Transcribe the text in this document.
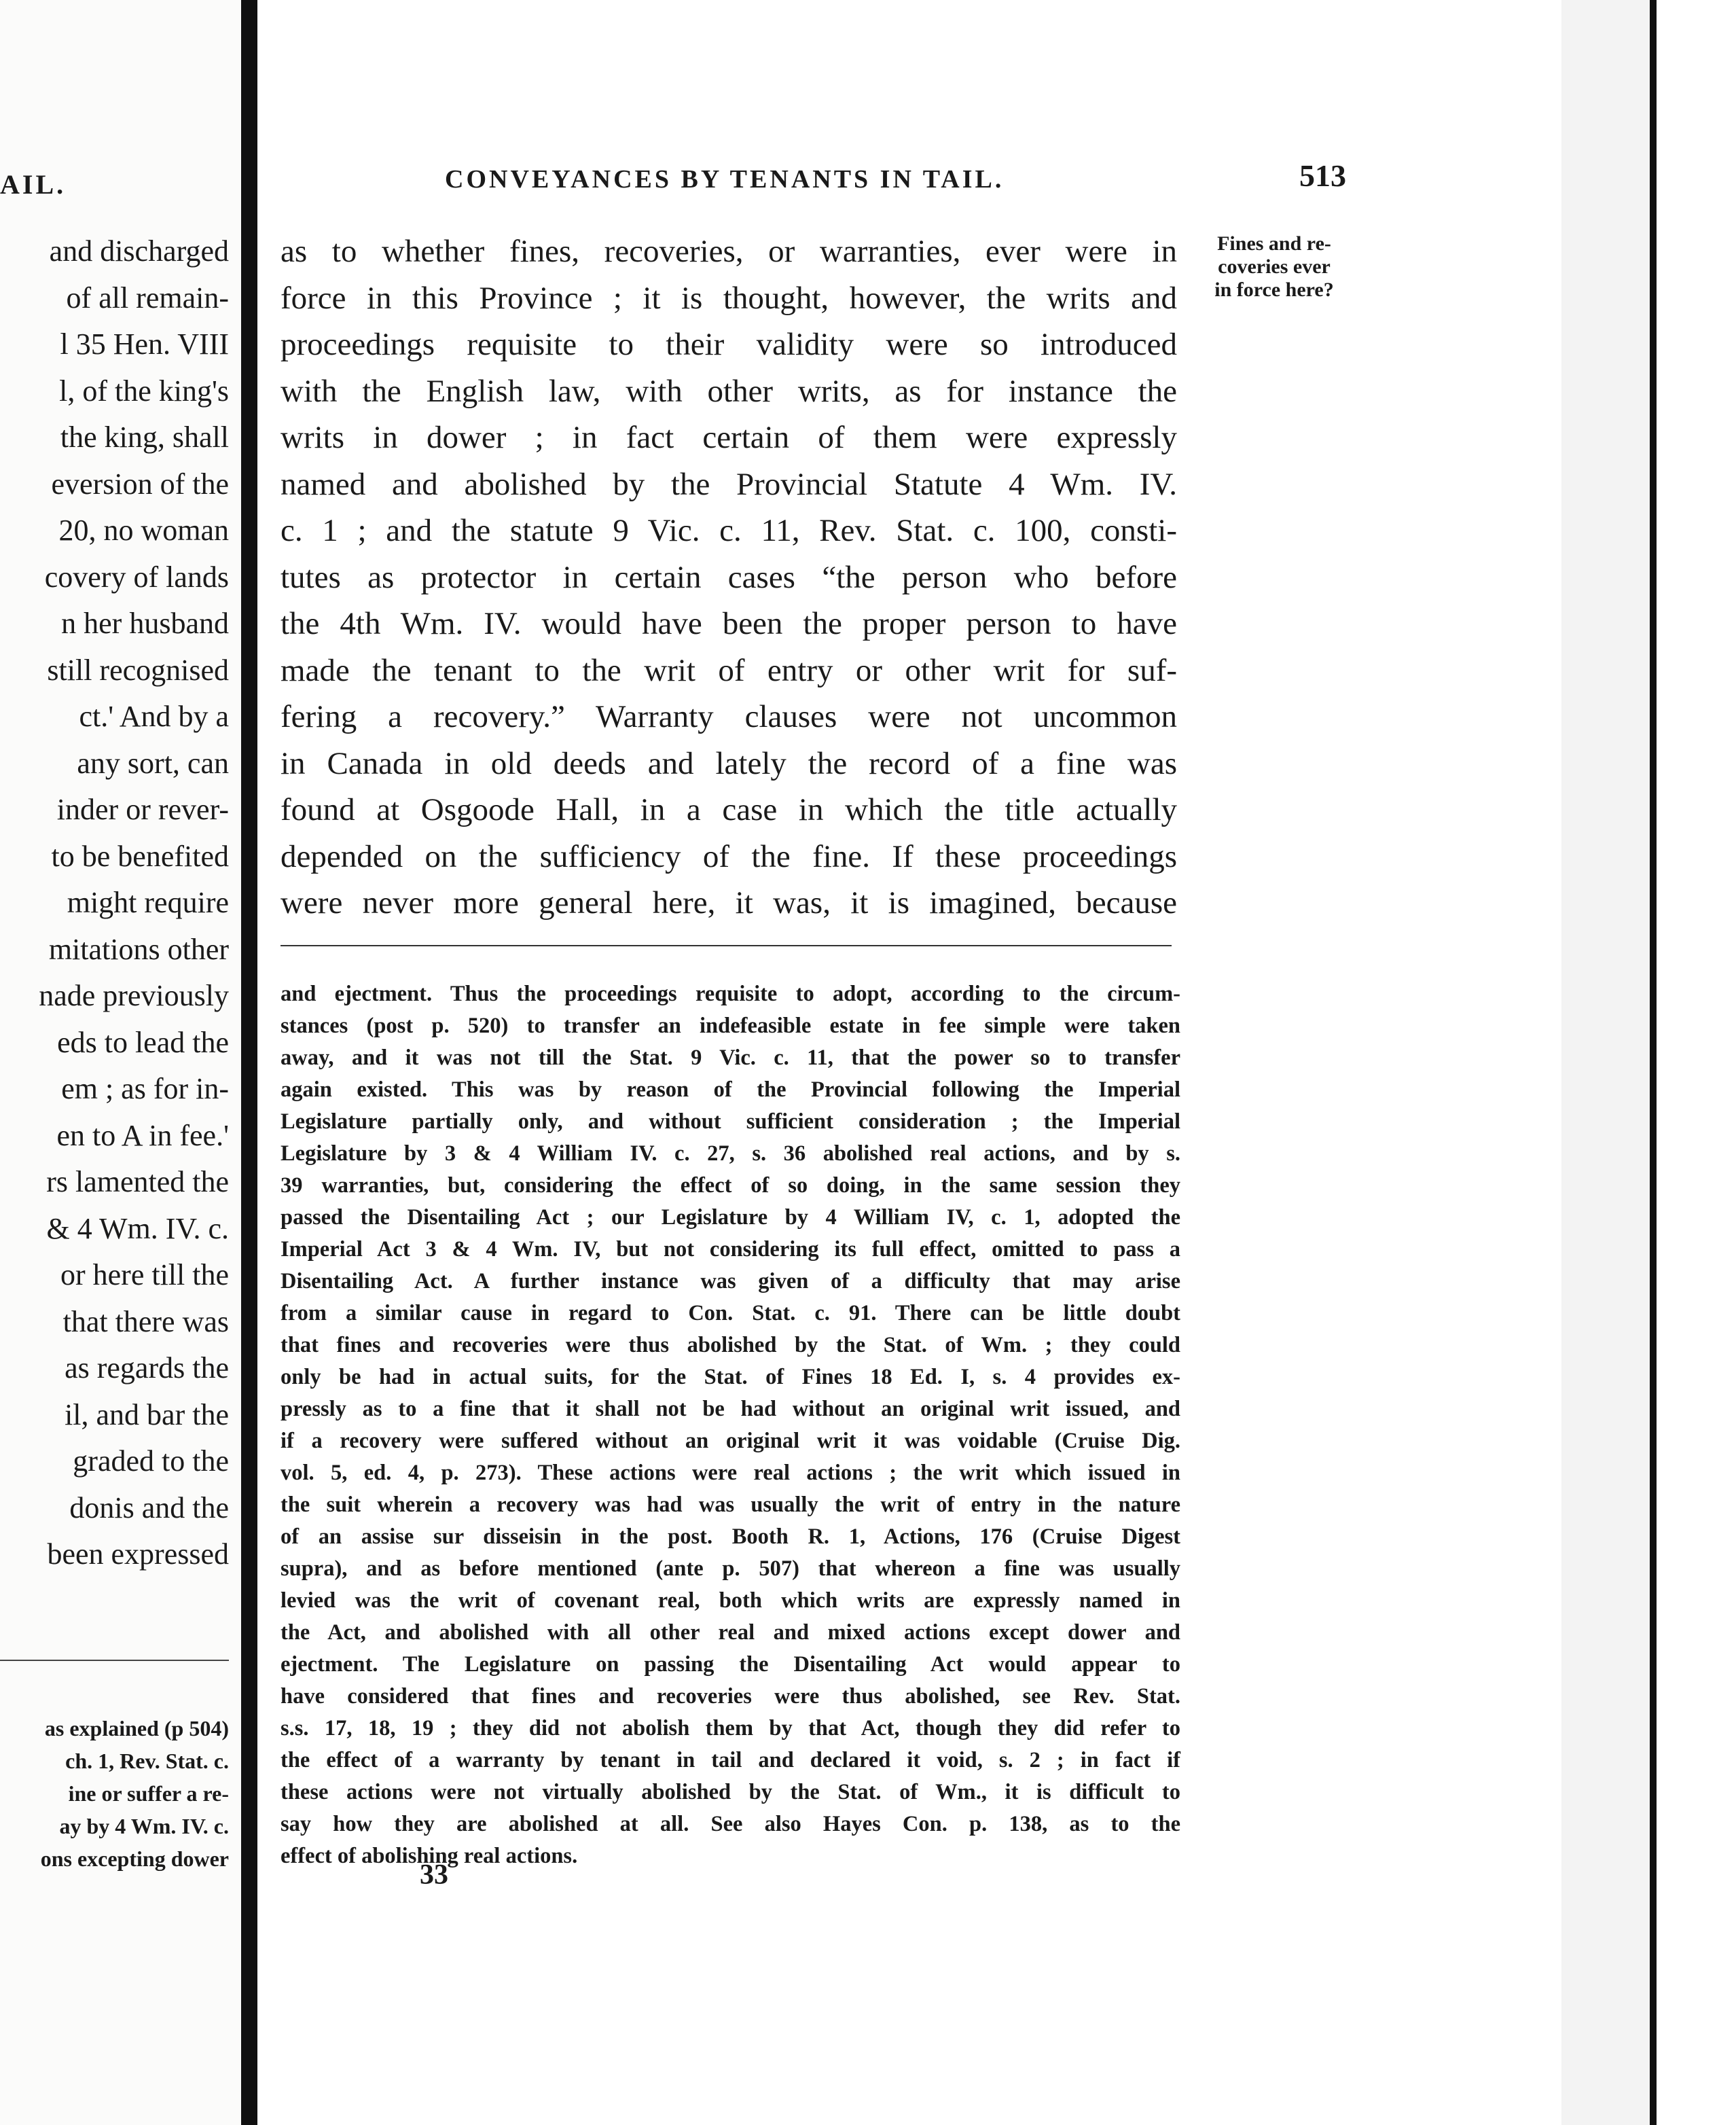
AIL.
and discharged
of all remain-
l 35 Hen. VIII
l, of the king's
the king, shall
eversion of the
20, no woman
covery of lands
n her husband
still recognised
ct.' And by a
any sort, can
inder or rever-
to be benefited
might require
mitations other
nade previously
eds to lead the
em ; as for in-
en to A in fee.'
rs lamented the
& 4 Wm. IV. c.
or here till the
that there was
as regards the
il, and bar the
graded to the
donis and the
been expressed
as explained (p 504)
ch. 1, Rev. Stat. c.
ine or suffer a re-
ay by 4 Wm. IV. c.
ons excepting dower
CONVEYANCES BY TENANTS IN TAIL.	513
as to whether fines, recoveries, or warranties, ever were in
force in this Province ; it is thought, however, the writs and
proceedings requisite to their validity were so introduced
with the English law, with other writs, as for instance the
writs in dower ; in fact certain of them were expressly
named and abolished by the Provincial Statute 4 Wm. IV.
c. 1 ; and the statute 9 Vic. c. 11, Rev. Stat. c. 100, consti-
tutes as protector in certain cases “the person who before
the 4th Wm. IV. would have been the proper person to have
made the tenant to the writ of entry or other writ for suf-
fering a recovery.” Warranty clauses were not uncommon
in Canada in old deeds and lately the record of a fine was
found at Osgoode Hall, in a case in which the title actually
depended on the sufficiency of the fine. If these proceedings
were never more general here, it was, it is imagined, because
Fines and re-
coveries ever
in force here?
and ejectment. Thus the proceedings requisite to adopt, according to the circum-
stances (post p. 520) to transfer an indefeasible estate in fee simple were taken
away, and it was not till the Stat. 9 Vic. c. 11, that the power so to transfer
again existed. This was by reason of the Provincial following the Imperial
Legislature partially only, and without sufficient consideration ; the Imperial
Legislature by 3 & 4 William IV. c. 27, s. 36 abolished real actions, and by s.
39 warranties, but, considering the effect of so doing, in the same session they
passed the Disentailing Act ; our Legislature by 4 William IV, c. 1, adopted the
Imperial Act 3 & 4 Wm. IV, but not considering its full effect, omitted to pass a
Disentailing Act. A further instance was given of a difficulty that may arise
from a similar cause in regard to Con. Stat. c. 91. There can be little doubt
that fines and recoveries were thus abolished by the Stat. of Wm. ; they could
only be had in actual suits, for the Stat. of Fines 18 Ed. I, s. 4 provides ex-
pressly as to a fine that it shall not be had without an original writ issued, and
if a recovery were suffered without an original writ it was voidable (Cruise Dig.
vol. 5, ed. 4, p. 273). These actions were real actions ; the writ which issued in
the suit wherein a recovery was had was usually the writ of entry in the nature
of an assise sur disseisin in the post. Booth R. 1, Actions, 176 (Cruise Digest
supra), and as before mentioned (ante p. 507) that whereon a fine was usually
levied was the writ of covenant real, both which writs are expressly named in
the Act, and abolished with all other real and mixed actions except dower and
ejectment. The Legislature on passing the Disentailing Act would appear to
have considered that fines and recoveries were thus abolished, see Rev. Stat.
s.s. 17, 18, 19 ; they did not abolish them by that Act, though they did refer to
the effect of a warranty by tenant in tail and declared it void, s. 2 ; in fact if
these actions were not virtually abolished by the Stat. of Wm., it is difficult to
say how they are abolished at all. See also Hayes Con. p. 138, as to the
effect of abolishing real actions.
33
